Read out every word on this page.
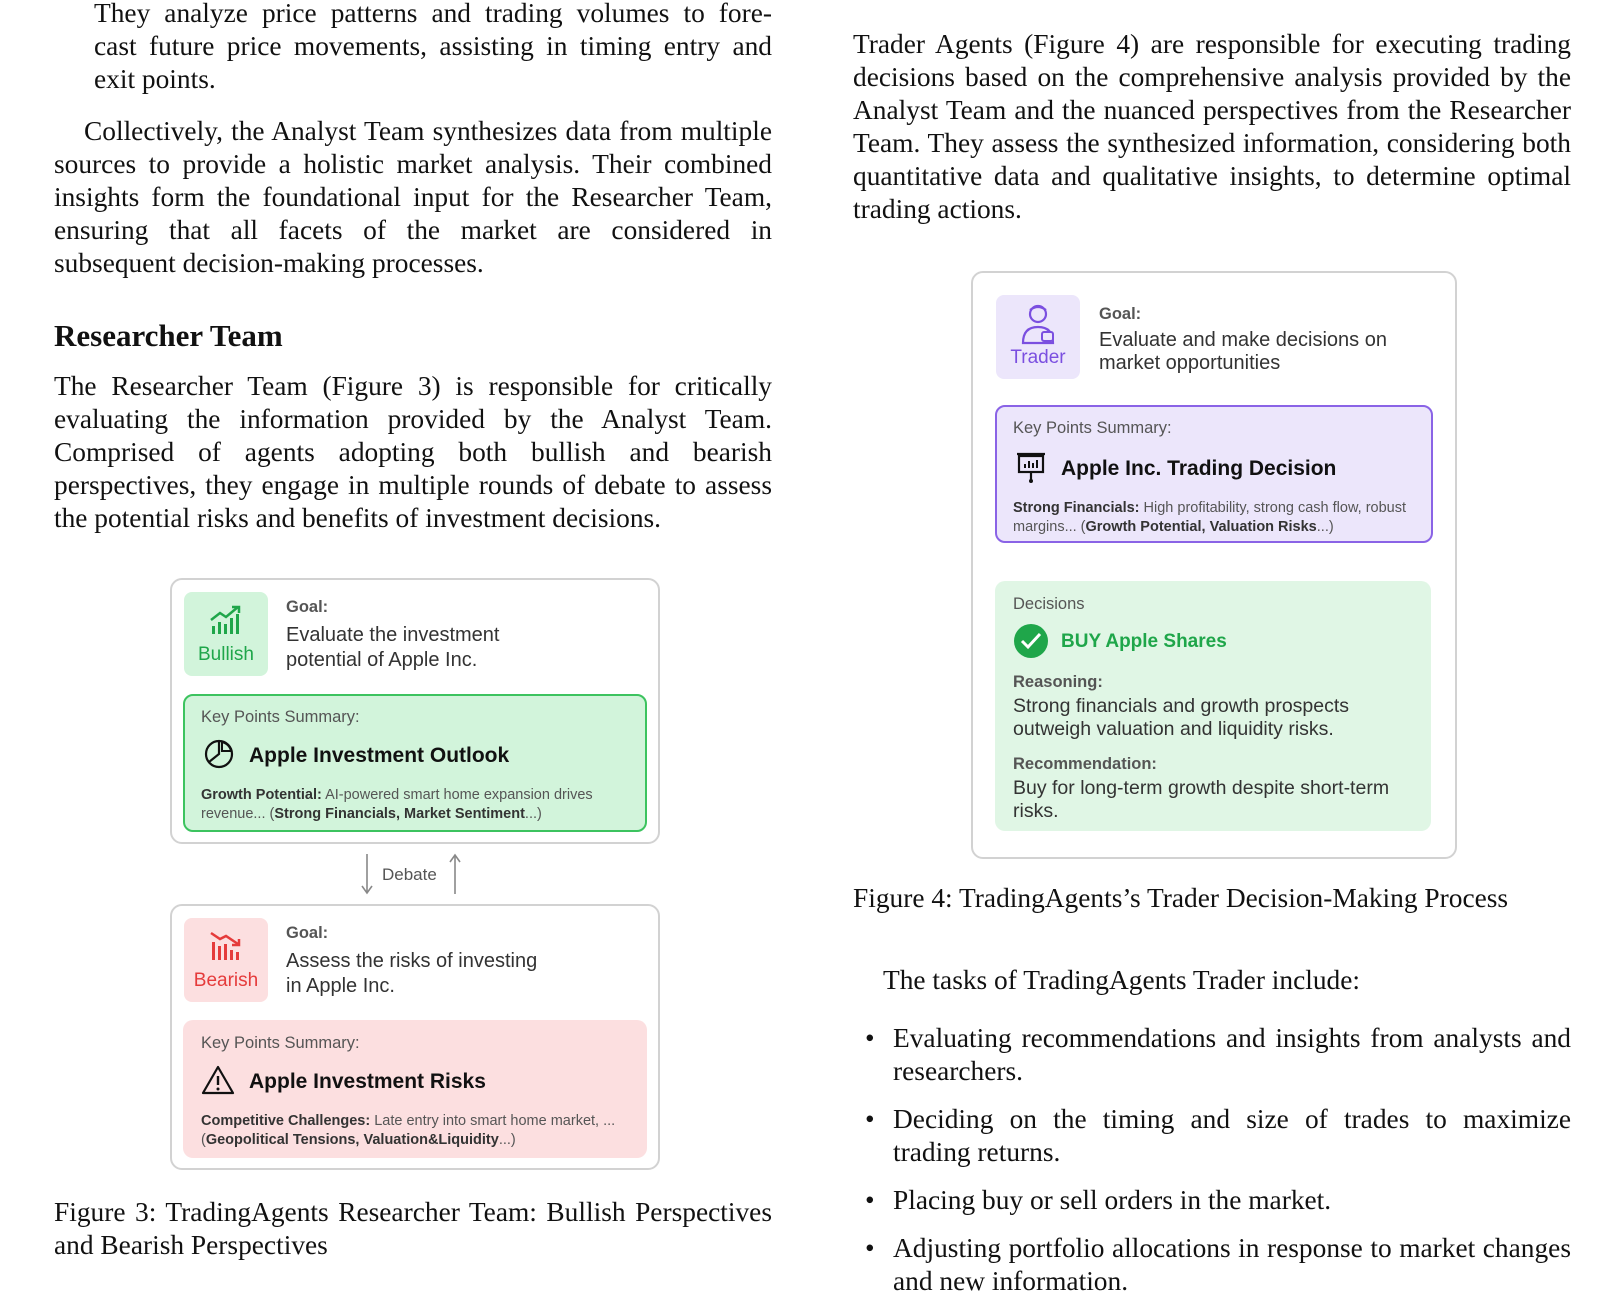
They analyze price patterns and trading volumes to fore-
cast future price movements, assisting in timing entry and
exit points.

Collectively, the Analyst Team synthesizes data from multiple sources to provide a holistic market analysis. Their combined insights form the foundational input for the Researcher Team, ensuring that all facets of the market are considered in subsequent decision-making processes.

Researcher Team

The Researcher Team (Figure 3) is responsible for critically evaluating the information provided by the Analyst Team. Comprised of agents adopting both bullish and bearish perspectives, they engage in multiple rounds of debate to assess the potential risks and benefits of investment decisions.

Bullish
Goal:
Evaluate the investment potential of Apple Inc.
Key Points Summary:
Apple Investment Outlook
Growth Potential: AI-powered smart home expansion drives revenue... (Strong Financials, Market Sentiment...)
Debate
Bearish
Goal:
Assess the risks of investing in Apple Inc.
Key Points Summary:
Apple Investment Risks
Competitive Challenges: Late entry into smart home market, ... (Geopolitical Tensions, Valuation&Liquidity...)

Figure 3: TradingAgents Researcher Team: Bullish Perspectives and Bearish Perspectives

Trader Agents (Figure 4) are responsible for executing trading decisions based on the comprehensive analysis provided by the Analyst Team and the nuanced perspectives from the Researcher Team. They assess the synthesized information, considering both quantitative data and qualitative insights, to determine optimal trading actions.

Trader
Goal:
Evaluate and make decisions on market opportunities
Key Points Summary:
Apple Inc. Trading Decision
Strong Financials: High profitability, strong cash flow, robust margins... (Growth Potential, Valuation Risks...)
Decisions
BUY Apple Shares
Reasoning:
Strong financials and growth prospects outweigh valuation and liquidity risks.
Recommendation:
Buy for long-term growth despite short-term risks.

Figure 4: TradingAgents’s Trader Decision-Making Process

The tasks of TradingAgents Trader include:

• Evaluating recommendations and insights from analysts and researchers.
• Deciding on the timing and size of trades to maximize trading returns.
• Placing buy or sell orders in the market.
• Adjusting portfolio allocations in response to market changes and new information.
